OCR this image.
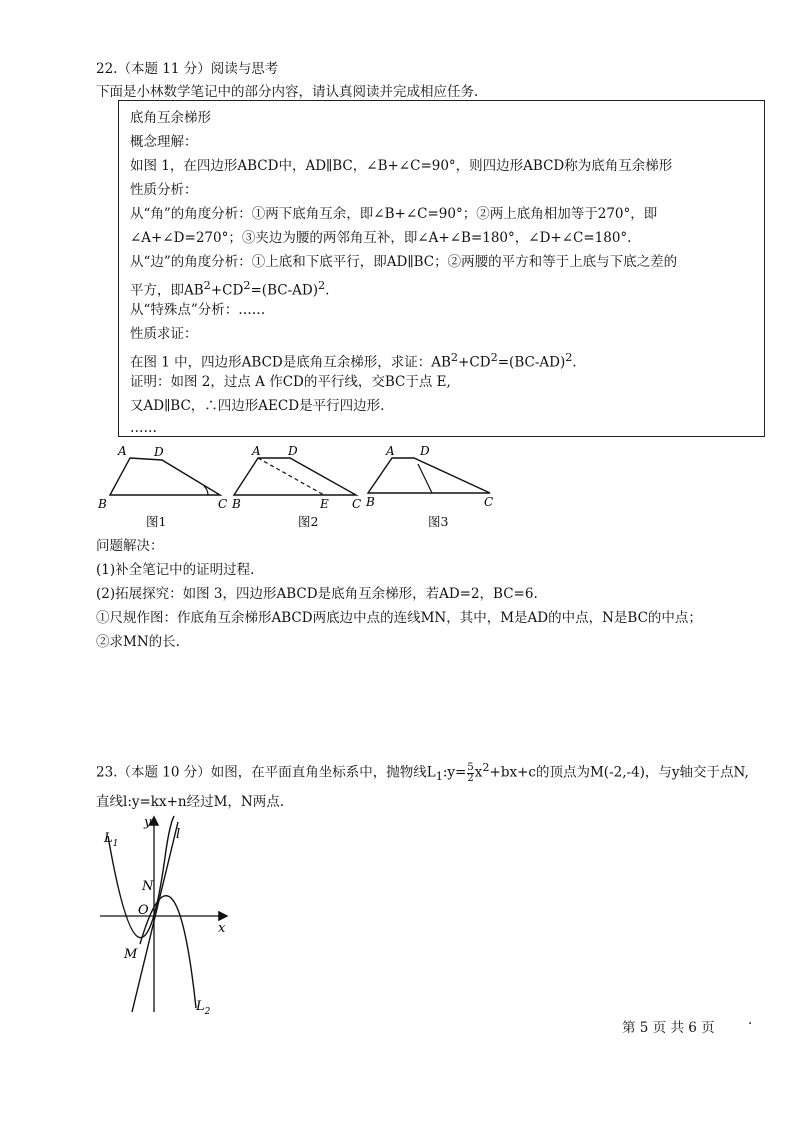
22.（本题 11 分）阅读与思考
下面是小林数学笔记中的部分内容，请认真阅读并完成相应任务.
底角互余梯形
概念理解：
如图 1，在四边形ABCD中，AD∥BC，∠B+∠C=90°，则四边形ABCD称为底角互余梯形
性质分析：
从“角”的角度分析：①两下底角互余，即∠B+∠C=90°；②两上底角相加等于270°，即
∠A+∠D=270°；③夹边为腰的两邻角互补，即∠A+∠B=180°，∠D+∠C=180°.
从“边”的角度分析：①上底和下底平行，即AD∥BC；②两腰的平方和等于上底与下底之差的
平方，即$AB^2+CD^2=(BC-AD)^2$.
从“特殊点”分析：……
性质求证：
在图 1 中，四边形ABCD是底角互余梯形，求证：$AB^2+CD^2=(BC-AD)^2$.
证明：如图 2，过点 A 作CD的平行线，交BC于点 E,
又AD∥BC，∴四边形AECD是平行四边形.
……
A D
B	C
A D
B	E C
A D
B	C
图1	图2	图3
问题解决：
(1)补全笔记中的证明过程.
(2)拓展探究：如图 3，四边形ABCD是底角互余梯形，若AD=2，BC=6.
①尺规作图：作底角互余梯形ABCD两底边中点的连线MN，其中，M是AD的中点，N是BC的中点；
②求MN的长.
23.（本题 10 分）如图，在平面直角坐标系中，抛物线$L_1:y= \frac{5}{2} x^2+bx+c$的顶点为M(-2,-4)，与y轴交于点N,
直线l:y=kx+n经过M，N两点.
$L_1$
y
l
N
O
x
M
$L_2$
第 5 页 共 6 页 ·
